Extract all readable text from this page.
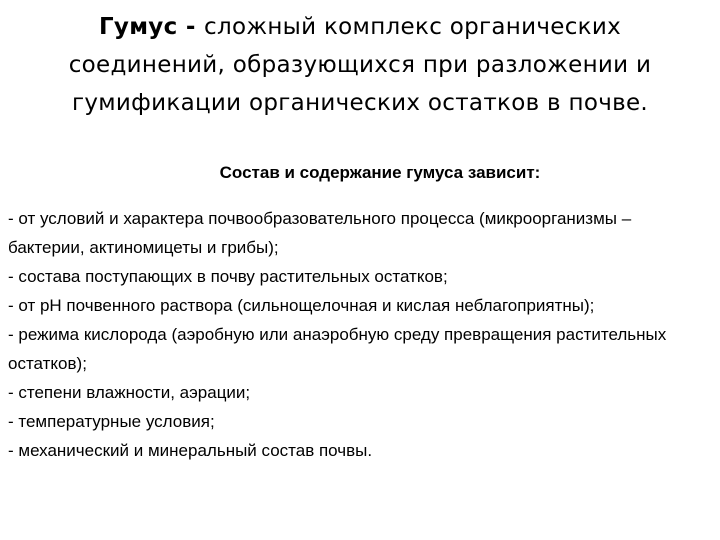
Гумус - сложный комплекс органических соединений, образующихся при разложении и гумификации органических остатков в почве.
Состав и содержание гумуса зависит:
- от условий и характера почвообразовательного процесса (микроорганизмы – бактерии, актиномицеты и грибы);
- состава поступающих в почву растительных остатков;
- от рН почвенного раствора (сильнощелочная и кислая неблагоприятны);
- режима кислорода (аэробную или анаэробную среду превращения растительных остатков);
- степени влажности, аэрации;
- температурные условия;
- механический и минеральный состав почвы.
